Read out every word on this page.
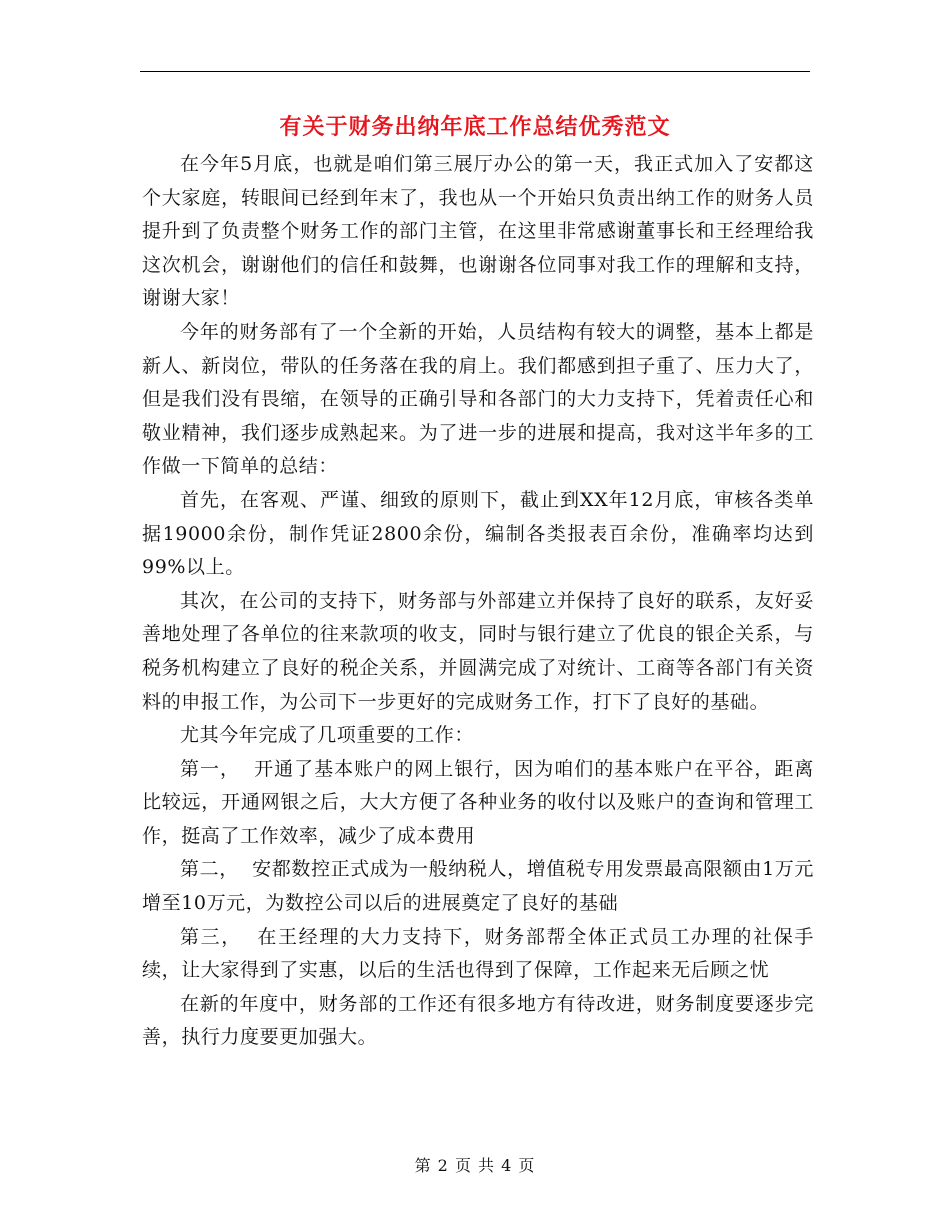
有关于财务出纳年底工作总结优秀范文

在今年5月底，也就是咱们第三展厅办公的第一天，我正式加入了安都这个大家庭，转眼间已经到年末了，我也从一个开始只负责出纳工作的财务人员提升到了负责整个财务工作的部门主管，在这里非常感谢董事长和王经理给我这次机会，谢谢他们的信任和鼓舞，也谢谢各位同事对我工作的理解和支持，谢谢大家！

今年的财务部有了一个全新的开始，人员结构有较大的调整，基本上都是新人、新岗位，带队的任务落在我的肩上。我们都感到担子重了、压力大了，但是我们没有畏缩，在领导的正确引导和各部门的大力支持下，凭着责任心和敬业精神，我们逐步成熟起来。为了进一步的进展和提高，我对这半年多的工作做一下简单的总结：

首先，在客观、严谨、细致的原则下，截止到XX年12月底，审核各类单据19000余份，制作凭证2800余份，编制各类报表百余份，准确率均达到99%以上。

其次，在公司的支持下，财务部与外部建立并保持了良好的联系，友好妥善地处理了各单位的往来款项的收支，同时与银行建立了优良的银企关系，与税务机构建立了良好的税企关系，并圆满完成了对统计、工商等各部门有关资料的申报工作，为公司下一步更好的完成财务工作，打下了良好的基础。

尤其今年完成了几项重要的工作：

第一，  开通了基本账户的网上银行，因为咱们的基本账户在平谷，距离比较远，开通网银之后，大大方便了各种业务的收付以及账户的查询和管理工作，挺高了工作效率，减少了成本费用

第二，  安都数控正式成为一般纳税人，增值税专用发票最高限额由1万元增至10万元，为数控公司以后的进展奠定了良好的基础

第三，  在王经理的大力支持下，财务部帮全体正式员工办理的社保手续，让大家得到了实惠，以后的生活也得到了保障，工作起来无后顾之忧

在新的年度中，财务部的工作还有很多地方有待改进，财务制度要逐步完善，执行力度要更加强大。

第 2 页 共 4 页
